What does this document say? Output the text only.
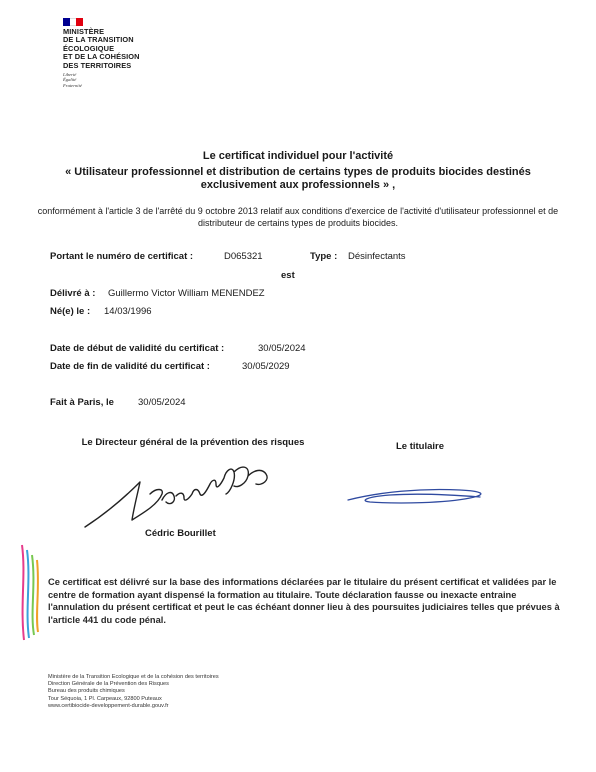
MINISTÈRE
DE LA TRANSITION
ÉCOLOGIQUE
ET DE LA COHÉSION
DES TERRITOIRES
Liberté
Égalité
Fraternité
Le certificat individuel pour l'activité
« Utilisateur professionnel et distribution de certains types de produits biocides destinés exclusivement aux professionnels » ,
conformément à l'article 3 de l'arrêté du 9 octobre 2013 relatif aux conditions d'exercice de l'activité d'utilisateur professionnel et de distributeur de certains types de produits biocides.
Portant le numéro de certificat :	D065321	Type : Désinfectants
est
Délivré à : Guillermo Victor William MENENDEZ
Né(e) le : 14/03/1996
Date de début de validité du certificat :	30/05/2024
Date de fin de validité du certificat :	30/05/2029
Fait à Paris, le	30/05/2024
Le Directeur général de la prévention des risques	Le titulaire
Cédric Bourillet
Ce certificat est délivré sur la base des informations déclarées par le titulaire du présent certificat et validées par le centre de formation ayant dispensé la formation au titulaire. Toute déclaration fausse ou inexacte entraine l'annulation du présent certificat et peut le cas échéant donner lieu à des poursuites judiciaires telles que prévues à l'article 441 du code pénal.
Ministère de la Transition Ecologique et de la cohésion des territoires
Direction Générale de la Prévention des Risques
Bureau des produits chimiques
Tour Séquoia, 1 Pl. Carpeaux, 92800 Puteaux
www.certibiocide-developpement-durable.gouv.fr
